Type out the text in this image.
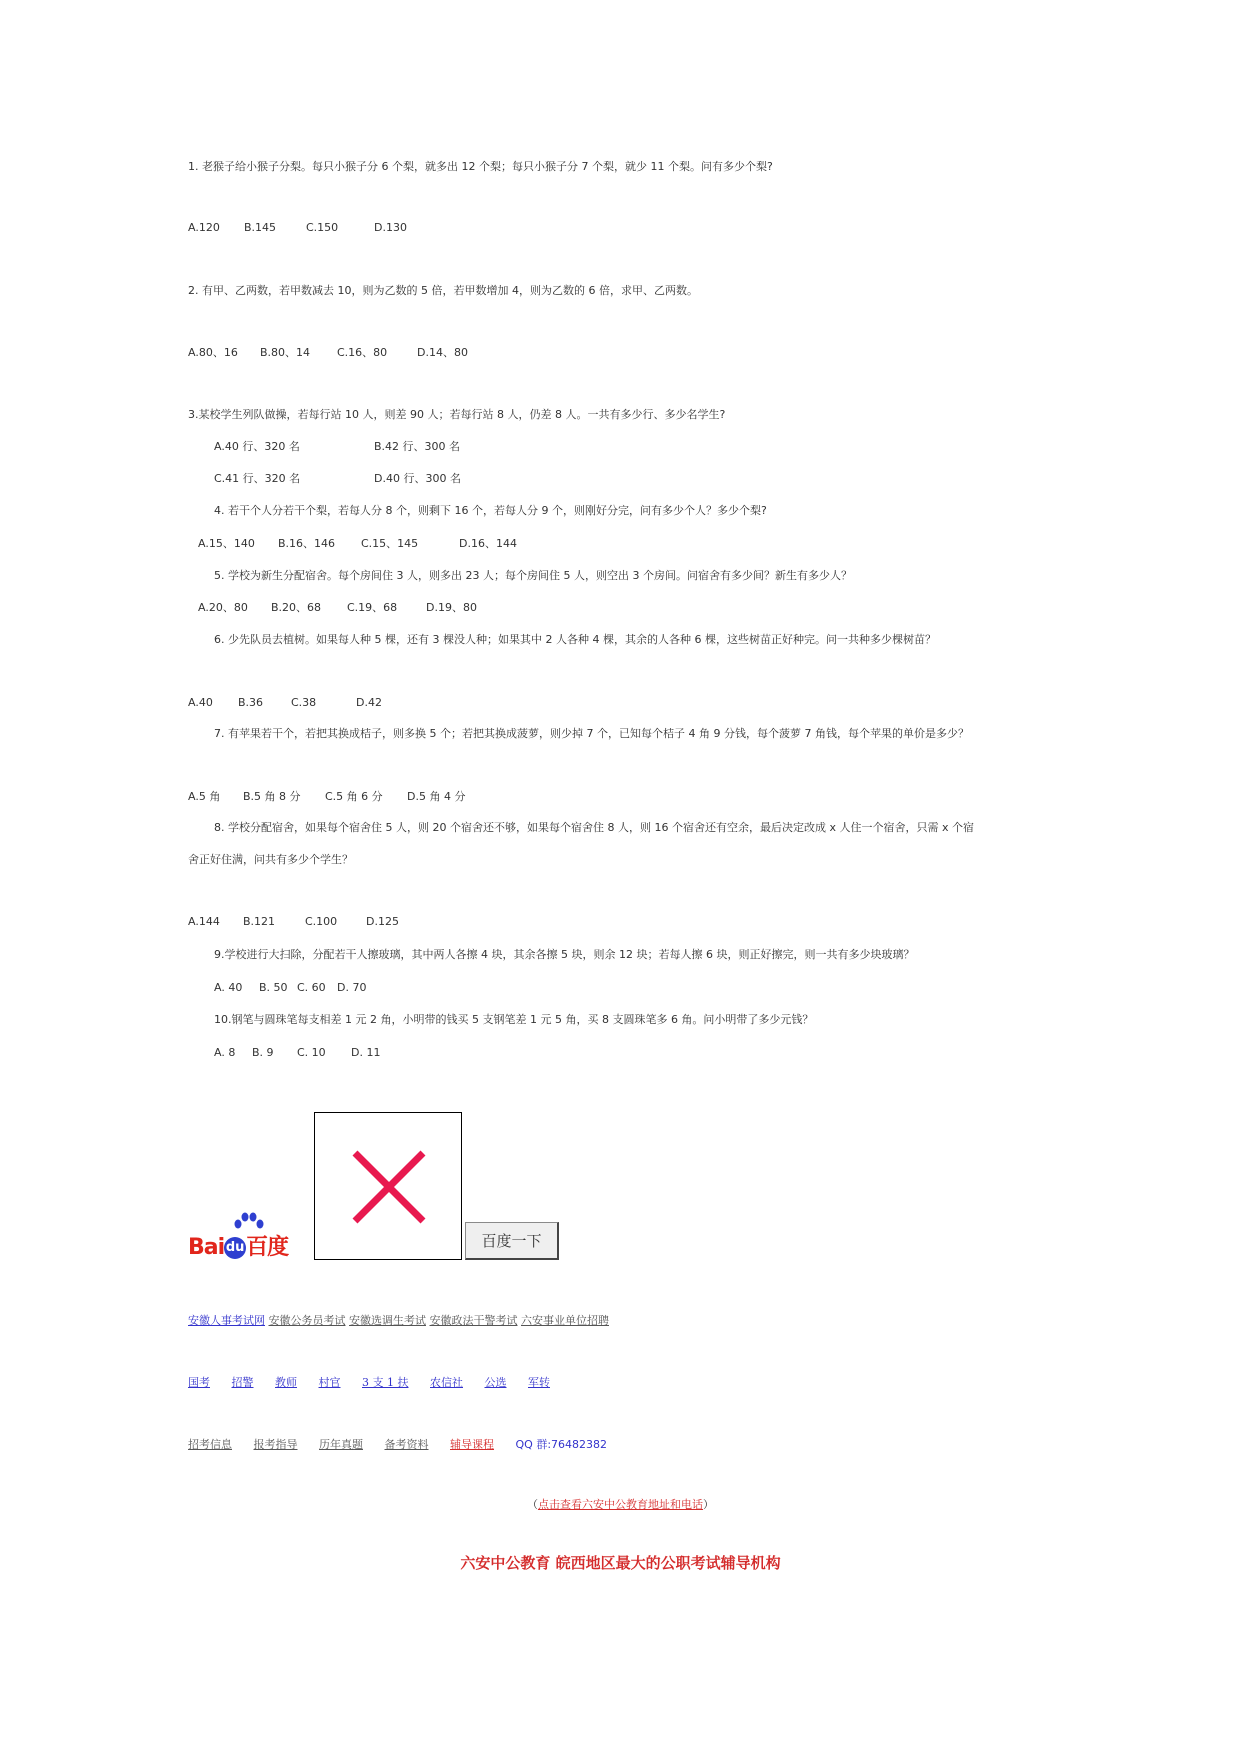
1. 老猴子给小猴子分梨。每只小猴子分 6 个梨，就多出 12 个梨；每只小猴子分 7 个梨，就少 11 个梨。问有多少个梨?
A.120 B.145	C.150	D.130
2. 有甲、乙两数，若甲数减去 10，则为乙数的 5 倍，若甲数增加 4，则为乙数的 6 倍，求甲、乙两数。
A.80、16 B.80、14 C.16、80	D.14、80
3.某校学生列队做操，若每行站 10 人，则差 90 人；若每行站 8 人，仍差 8 人。一共有多少行、多少名学生?
A.40 行、320 名	B.42 行、300 名
C.41 行、320 名	D.40 行、300 名
4. 若干个人分若干个梨，若每人分 8 个，则剩下 16 个，若每人分 9 个，则刚好分完，问有多少个人？多少个梨?
A.15、140 B.16、146 C.15、145	D.16、144
5. 学校为新生分配宿舍。每个房间住 3 人，则多出 23 人；每个房间住 5 人，则空出 3 个房间。问宿舍有多少间？新生有多少人？
A.20、80 B.20、68 C.19、68	D.19、80
6. 少先队员去植树。如果每人种 5 棵，还有 3 棵没人种；如果其中 2 人各种 4 棵，其余的人各种 6 棵，这些树苗正好种完。问一共种多少棵树苗？
A.40 B.36	C.38	D.42
7. 有苹果若干个，若把其换成桔子，则多换 5 个；若把其换成菠萝，则少掉 7 个，已知每个桔子 4 角 9 分钱，每个菠萝 7 角钱，每个苹果的单价是多少？
A.5 角 B.5 角 8 分 C.5 角 6 分 D.5 角 4 分
8. 学校分配宿舍，如果每个宿舍住 5 人，则 20 个宿舍还不够，如果每个宿舍住 8 人，则 16 个宿舍还有空余，最后决定改成 x 人住一个宿舍，只需 x 个宿
舍正好住满，问共有多少个学生？
A.144 B.121	C.100	D.125
9.学校进行大扫除，分配若干人擦玻璃，其中两人各擦 4 块，其余各擦 5 块，则余 12 块；若每人擦 6 块，则正好擦完，则一共有多少块玻璃？
A. 40 B. 50 C. 60 D. 70
10.钢笔与圆珠笔每支相差 1 元 2 角，小明带的钱买 5 支钢笔差 1 元 5 角，买 8 支圆珠笔多 6 角。问小明带了多少元钱？
A. 8 B. 9 C. 10 D. 11
Bai du百度	百度一下
安徽人事考试网 安徽公务员考试 安徽选调生考试 安徽政法干警考试 六安事业单位招聘
国考 招警 教师 村官 3 支 1 扶 农信社 公选 军转
招考信息 报考指导 历年真题 备考资料 辅导课程 QQ 群:76482382
（点击查看六安中公教育地址和电话）
六安中公教育 皖西地区最大的公职考试辅导机构
